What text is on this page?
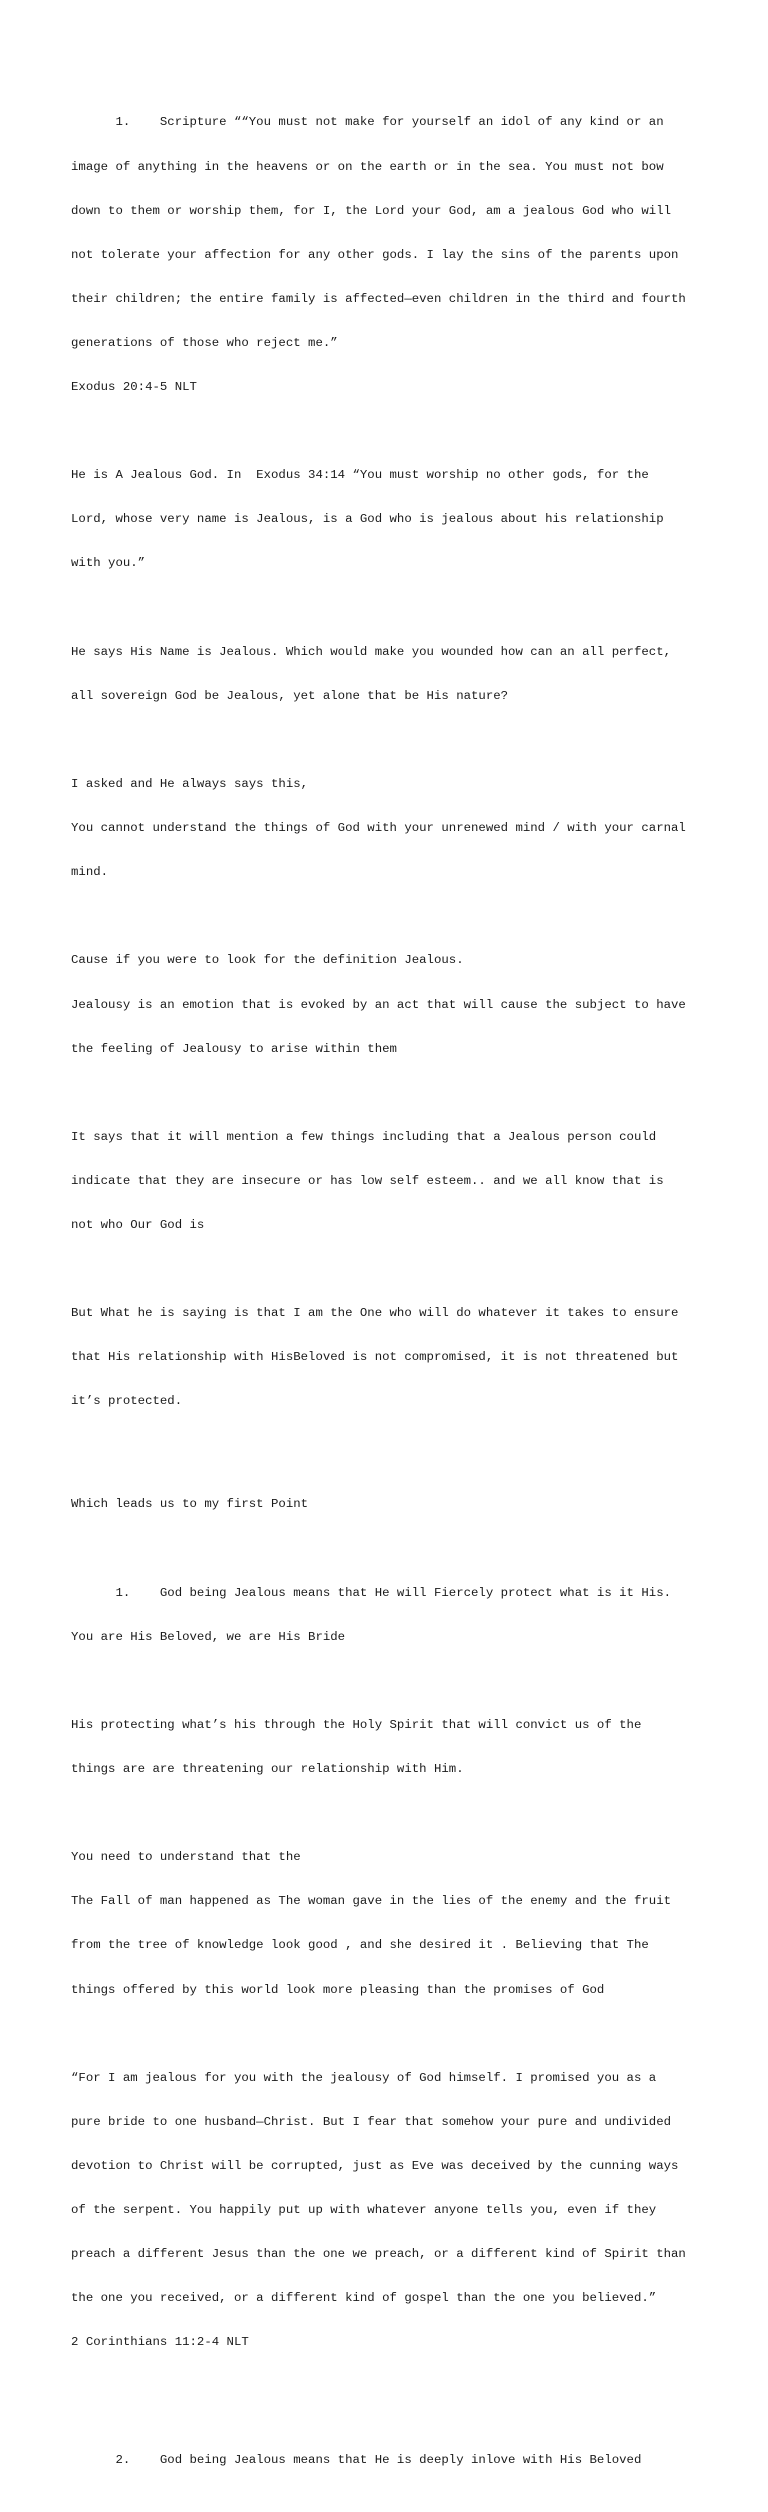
1.    Scripture ““You must not make for yourself an idol of any kind or an

image of anything in the heavens or on the earth or in the sea. You must not bow

down to them or worship them, for I, the Lord your God, am a jealous God who will

not tolerate your affection for any other gods. I lay the sins of the parents upon

their children; the entire family is affected—even children in the third and fourth

generations of those who reject me.”

Exodus 20:4-5 NLT

He is A Jealous God. In  Exodus 34:14 “You must worship no other gods, for the

Lord, whose very name is Jealous, is a God who is jealous about his relationship

with you.”

He says His Name is Jealous. Which would make you wounded how can an all perfect,

all sovereign God be Jealous, yet alone that be His nature?

I asked and He always says this,

You cannot understand the things of God with your unrenewed mind / with your carnal

mind.

Cause if you were to look for the definition Jealous.

Jealousy is an emotion that is evoked by an act that will cause the subject to have

the feeling of Jealousy to arise within them

It says that it will mention a few things including that a Jealous person could

indicate that they are insecure or has low self esteem.. and we all know that is

not who Our God is

But What he is saying is that I am the One who will do whatever it takes to ensure

that His relationship with HisBeloved is not compromised, it is not threatened but

it’s protected.

Which leads us to my first Point

1.    God being Jealous means that He will Fiercely protect what is it His.

You are His Beloved, we are His Bride

His protecting what’s his through the Holy Spirit that will convict us of the

things are are threatening our relationship with Him.

You need to understand that the

The Fall of man happened as The woman gave in the lies of the enemy and the fruit

from the tree of knowledge look good , and she desired it . Believing that The

things offered by this world look more pleasing than the promises of God

“For I am jealous for you with the jealousy of God himself. I promised you as a

pure bride to one husband—Christ. But I fear that somehow your pure and undivided

devotion to Christ will be corrupted, just as Eve was deceived by the cunning ways

of the serpent. You happily put up with whatever anyone tells you, even if they

preach a different Jesus than the one we preach, or a different kind of Spirit than

the one you received, or a different kind of gospel than the one you believed.”

2 Corinthians 11:2-4 NLT

2.    God being Jealous means that He is deeply inlove with His Beloved
